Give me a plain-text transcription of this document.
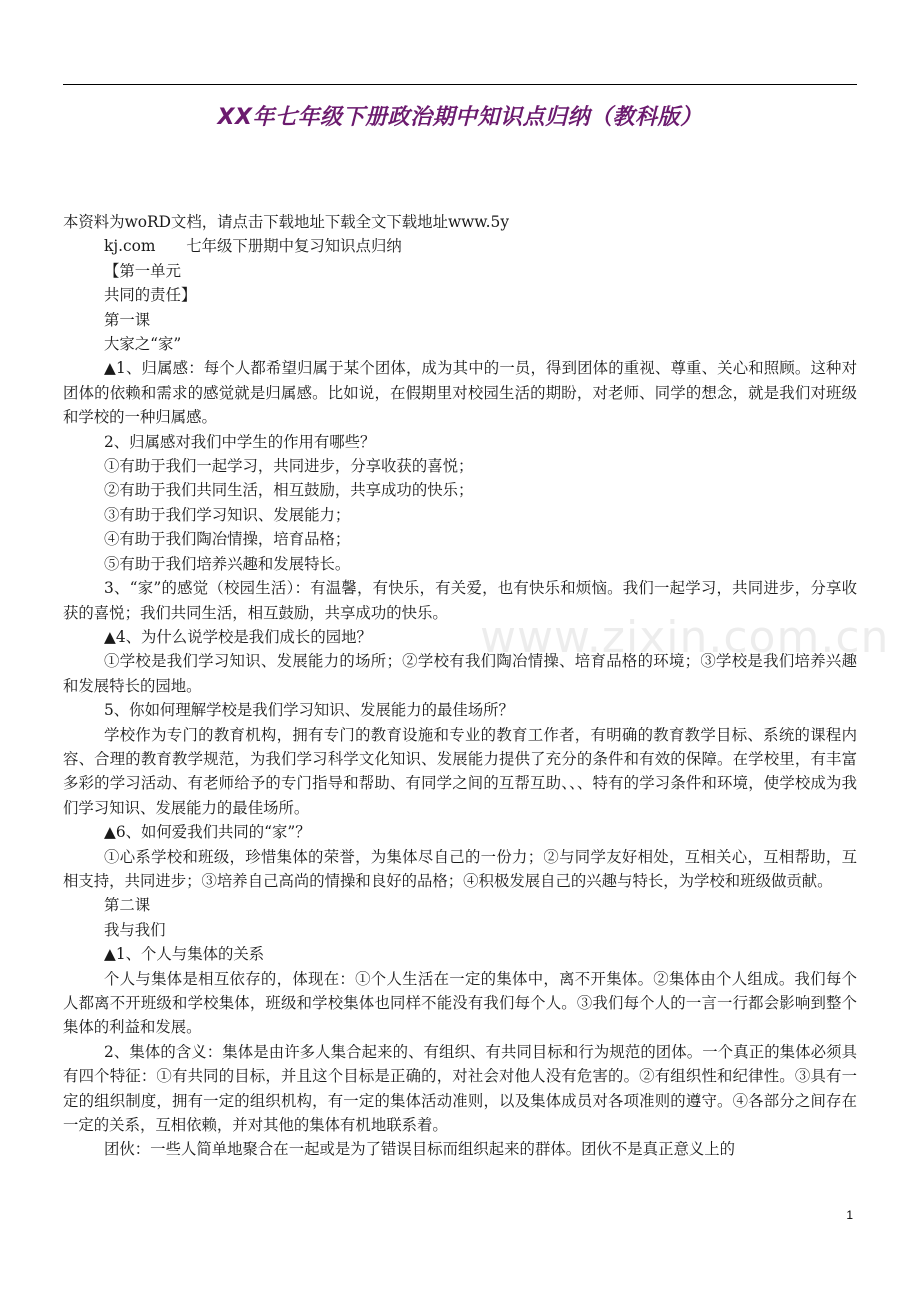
XX年七年级下册政治期中知识点归纳（教科版）
本资料为woRD文档，请点击下载地址下载全文下载地址www.5y
kj.com　　七年级下册期中复习知识点归纳
【第一单元
共同的责任】
第一课
大家之“家”
▲1、归属感：每个人都希望归属于某个团体，成为其中的一员，得到团体的重视、尊重、关心和照顾。这种对团体的依赖和需求的感觉就是归属感。比如说，在假期里对校园生活的期盼，对老师、同学的想念，就是我们对班级和学校的一种归属感。
2、归属感对我们中学生的作用有哪些？
①有助于我们一起学习，共同进步，分享收获的喜悦；
②有助于我们共同生活，相互鼓励，共享成功的快乐；
③有助于我们学习知识、发展能力；
④有助于我们陶冶情操，培育品格；
⑤有助于我们培养兴趣和发展特长。
3、“家”的感觉（校园生活）：有温馨，有快乐，有关爱，也有快乐和烦恼。我们一起学习，共同进步，分享收获的喜悦；我们共同生活，相互鼓励，共享成功的快乐。
▲4、为什么说学校是我们成长的园地？
①学校是我们学习知识、发展能力的场所；②学校有我们陶冶情操、培育品格的环境；③学校是我们培养兴趣和发展特长的园地。
5、你如何理解学校是我们学习知识、发展能力的最佳场所？
学校作为专门的教育机构，拥有专门的教育设施和专业的教育工作者，有明确的教育教学目标、系统的课程内容、合理的教育教学规范，为我们学习科学文化知识、发展能力提供了充分的条件和有效的保障。在学校里，有丰富多彩的学习活动、有老师给予的专门指导和帮助、有同学之间的互帮互助、、、特有的学习条件和环境，使学校成为我们学习知识、发展能力的最佳场所。
▲6、如何爱我们共同的“家”？
①心系学校和班级，珍惜集体的荣誉，为集体尽自己的一份力；②与同学友好相处，互相关心，互相帮助，互相支持，共同进步；③培养自己高尚的情操和良好的品格；④积极发展自己的兴趣与特长，为学校和班级做贡献。
第二课
我与我们
▲1、个人与集体的关系
个人与集体是相互依存的，体现在：①个人生活在一定的集体中，离不开集体。②集体由个人组成。我们每个人都离不开班级和学校集体，班级和学校集体也同样不能没有我们每个人。③我们每个人的一言一行都会影响到整个集体的利益和发展。
2、集体的含义：集体是由许多人集合起来的、有组织、有共同目标和行为规范的团体。一个真正的集体必须具有四个特征：①有共同的目标，并且这个目标是正确的，对社会对他人没有危害的。②有组织性和纪律性。③具有一定的组织制度，拥有一定的组织机构，有一定的集体活动准则，以及集体成员对各项准则的遵守。④各部分之间存在一定的关系，互相依赖，并对其他的集体有机地联系着。
团伙：一些人简单地聚合在一起或是为了错误目标而组织起来的群体。团伙不是真正意义上的
www.zixin.com.cn
1
